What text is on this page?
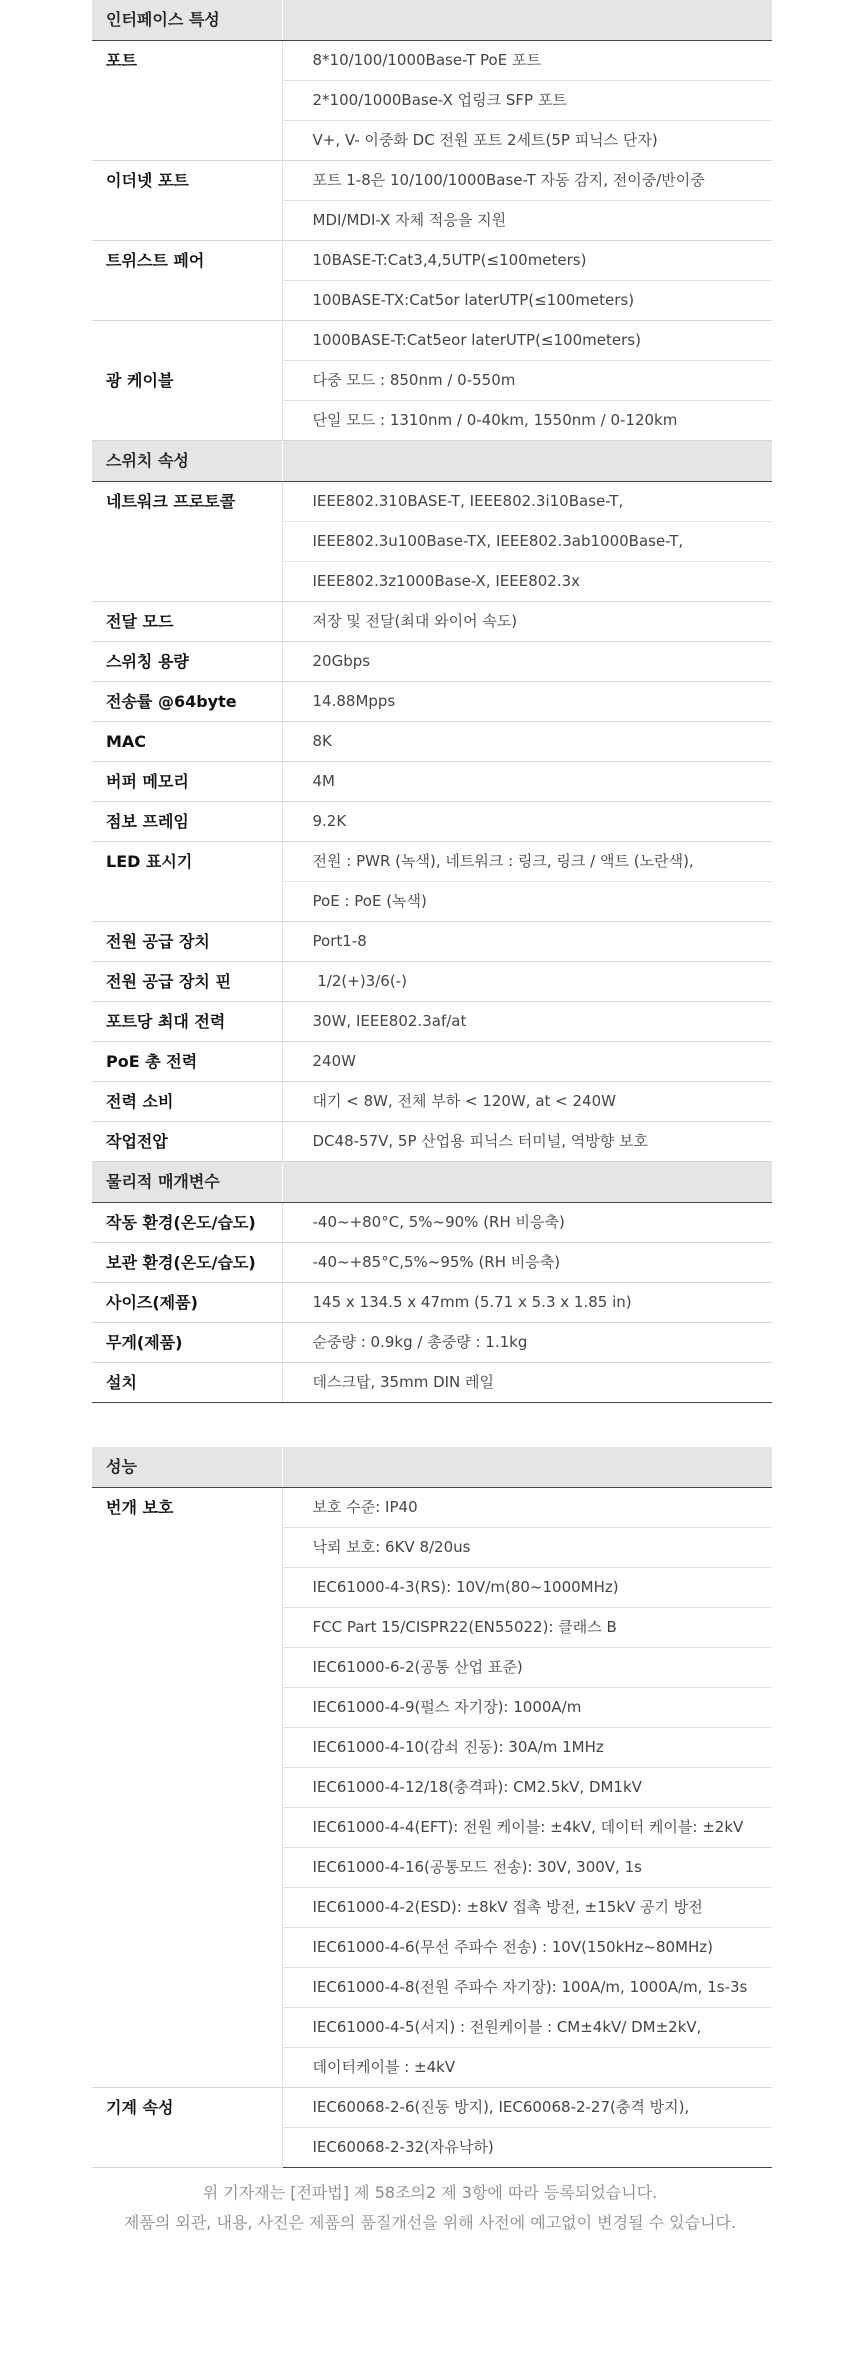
인터페이스 특성	
포트	8*10/100/1000Base-T PoE 포트
	2*100/1000Base-X 업링크 SFP 포트
	V+, V- 이중화 DC 전원 포트 2세트(5P 피닉스 단자)
이더넷 포트	포트 1-8은 10/100/1000Base-T 자동 감지, 전이중/반이중
	MDI/MDI-X 자체 적응을 지원
트위스트 페어	10BASE-T:Cat3,4,5UTP(≤100meters)
	100BASE-TX:Cat5or laterUTP(≤100meters)
광 케이블	1000BASE-T:Cat5eor laterUTP(≤100meters)
	다중 모드 : 850nm / 0-550m
	단일 모드 : 1310nm / 0-40km, 1550nm / 0-120km
스위치 속성	
네트워크 프로토콜	IEEE802.310BASE-T, IEEE802.3i10Base-T,
	IEEE802.3u100Base-TX, IEEE802.3ab1000Base-T,
	IEEE802.3z1000Base-X, IEEE802.3x
전달 모드	저장 및 전달(최대 와이어 속도)
스위칭 용량	20Gbps
전송률 @64byte	14.88Mpps
MAC	8K
버퍼 메모리	4M
점보 프레임	9.2K
LED 표시기	전원 : PWR (녹색), 네트워크 : 링크, 링크 / 액트 (노란색),
	PoE : PoE (녹색)
전원 공급 장치	Port1-8
전원 공급 장치 핀	1/2(+)3/6(-)
포트당 최대 전력	30W, IEEE802.3af/at
PoE 총 전력	240W
전력 소비	대기 < 8W, 전체 부하 < 120W, at < 240W
작업전압	DC48-57V, 5P 산업용 피닉스 터미널, 역방향 보호
물리적 매개변수	
작동 환경(온도/습도)	-40~+80°C, 5%~90% (RH 비응축)
보관 환경(온도/습도)	-40~+85°C,5%~95% (RH 비응축)
사이즈(제품)	145 x 134.5 x 47mm (5.71 x 5.3 x 1.85 in)
무게(제품)	순중량 : 0.9kg / 총중량 : 1.1kg
설치	데스크탑, 35mm DIN 레일
성능	
번개 보호	보호 수준: IP40
	낙뢰 보호: 6KV 8/20us
	IEC61000-4-3(RS): 10V/m(80~1000MHz)
	FCC Part 15/CISPR22(EN55022): 클래스 B
	IEC61000-6-2(공통 산업 표준)
	IEC61000-4-9(펄스 자기장): 1000A/m
	IEC61000-4-10(감쇠 진동): 30A/m 1MHz
	IEC61000-4-12/18(충격파): CM2.5kV, DM1kV
	IEC61000-4-4(EFT): 전원 케이블: ±4kV, 데이터 케이블: ±2kV
	IEC61000-4-16(공통모드 전송): 30V, 300V, 1s
	IEC61000-4-2(ESD): ±8kV 접촉 방전, ±15kV 공기 방전
	IEC61000-4-6(무선 주파수 전송) : 10V(150kHz~80MHz)
	IEC61000-4-8(전원 주파수 자기장): 100A/m, 1000A/m, 1s-3s
	IEC61000-4-5(서지) : 전원케이블 : CM±4kV/ DM±2kV,
	데이터케이블 : ±4kV
기계 속성	IEC60068-2-6(진동 방지), IEC60068-2-27(충격 방지),
	IEC60068-2-32(자유낙하)
위 기자재는 [전파법] 제 58조의2 제 3항에 따라 등록되었습니다.
제품의 외관, 내용, 사진은 제품의 품질개선을 위해 사전에 예고없이 변경될 수 있습니다.
